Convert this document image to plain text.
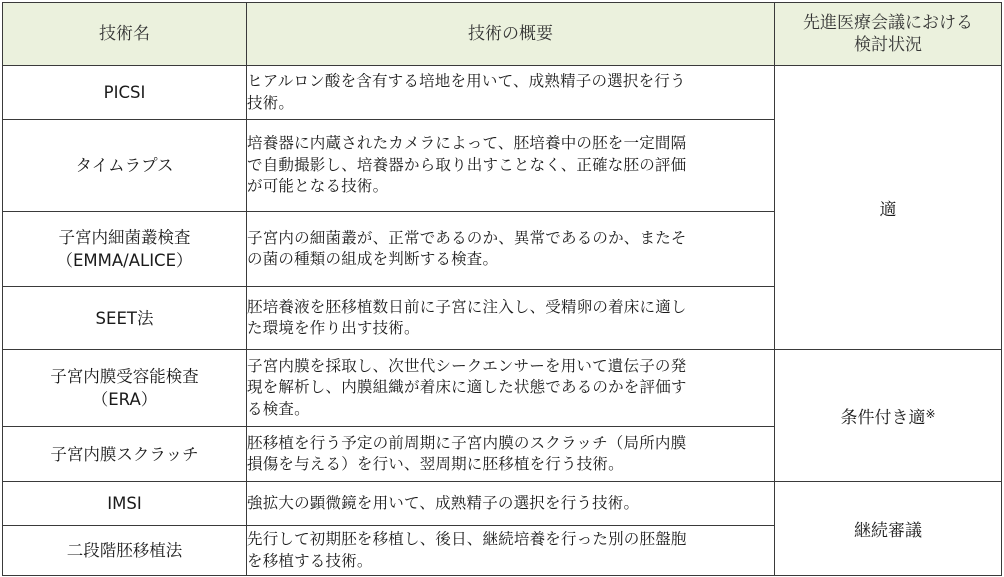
技術名	技術の概要	先進医療会議における
検討状況

PICSI	ヒアルロン酸を含有する培地を用いて、成熟精子の選択を行う
技術。	適

タイムラプス	培養器に内蔵されたカメラによって、胚培養中の胚を一定間隔
で自動撮影し、培養器から取り出すことなく、正確な胚の評価
が可能となる技術。	

子宮内細菌叢検査
（EMMA/ALICE）	子宮内の細菌叢が、正常であるのか、異常であるのか、またそ
の菌の種類の組成を判断する検査。	

SEET法	胚培養液を胚移植数日前に子宮に注入し、受精卵の着床に適し
た環境を作り出す技術。	

子宮内膜受容能検査
（ERA）	子宮内膜を採取し、次世代シークエンサーを用いて遺伝子の発
現を解析し、内膜組織が着床に適した状態であるのかを評価す
る検査。	条件付き適※

子宮内膜スクラッチ	胚移植を行う予定の前周期に子宮内膜のスクラッチ（局所内膜
損傷を与える）を行い、翌周期に胚移植を行う技術。	

IMSI	強拡大の顕微鏡を用いて、成熟精子の選択を行う技術。	継続審議

二段階胚移植法	先行して初期胚を移植し、後日、継続培養を行った別の胚盤胞
を移植する技術。	
